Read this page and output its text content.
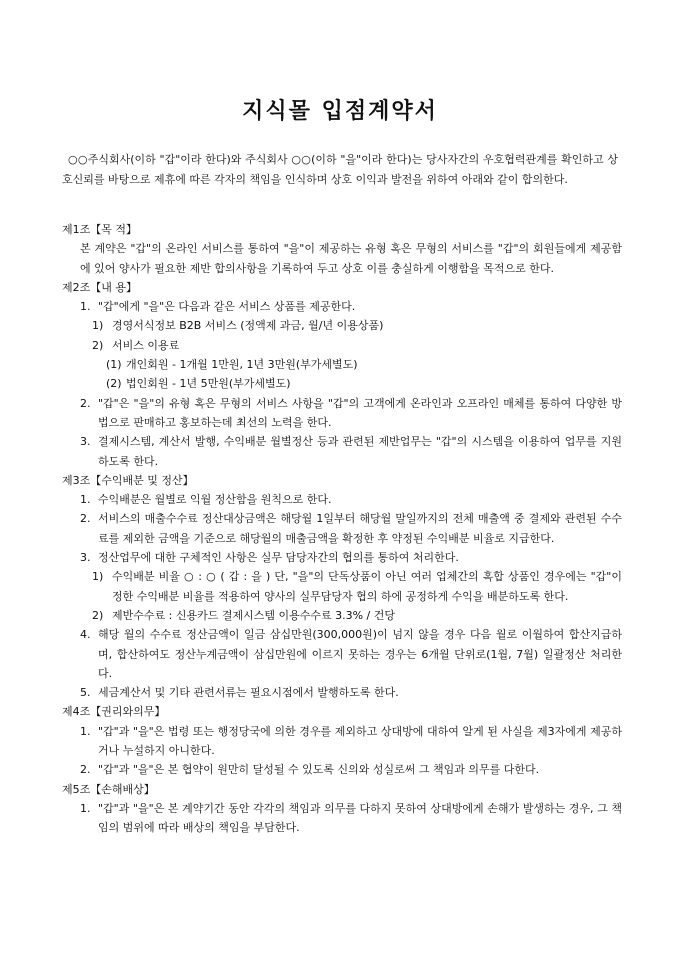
지식몰 입점계약서
○○주식회사(이하 "갑"이라 한다)와 주식회사 ○○(이하 "을"이라 한다)는 당사자간의 우호협력관계를 확인하고 상호신뢰를 바탕으로 제휴에 따른 각자의 책임을 인식하며 상호 이익과 발전을 위하여 아래와 같이 합의한다.
제1조【목 적】
본 계약은 "갑"의 온라인 서비스를 통하여 "을"이 제공하는 유형 혹은 무형의 서비스를 "갑"의 회원들에게 제공함에 있어 양사가 필요한 제반 합의사항을 기록하여 두고 상호 이를 충실하게 이행함을 목적으로 한다.
제2조【내 용】
1. "갑"에게 "을"은 다음과 같은 서비스 상품를 제공한다.
1) 경영서식정보 B2B 서비스 (정액제 과금, 월/년 이용상품)
2) 서비스 이용료
(1) 개인회원 - 1개월 1만원, 1년 3만원(부가세별도)
(2) 법인회원 - 1년 5만원(부가세별도)
2. "갑"은 "을"의 유형 혹은 무형의 서비스 사항을 "갑"의 고객에게 온라인과 오프라인 매체를 통하여 다양한 방법으로 판매하고 홍보하는데 최선의 노력을 한다.
3. 결제시스템, 계산서 발행, 수익배분 월별정산 등과 관련된 제반업무는 "갑"의 시스템을 이용하여 업무를 지원하도록 한다.
제3조【수익배분 및 정산】
1. 수익배분은 월별로 익월 정산함을 원칙으로 한다.
2. 서비스의 매출수수료 정산대상금액은 해당월 1일부터 해당월 말일까지의 전체 매출액 중 결제와 관련된 수수료를 제외한 금액을 기준으로 해당월의 매출금액을 확정한 후 약정된 수익배분 비율로 지급한다.
3. 정산업무에 대한 구체적인 사항은 실무 담당자간의 협의를 통하여 처리한다.
1) 수익배분 비율 ○ : ○ ( 갑 : 을 ) 단, "을"의 단독상품이 아닌 여러 업체간의 혹합 상품인 경우에는 "갑"이 정한 수익배분 비율를 적용하여 양사의 실무담당자 협의 하에 공정하게 수익을 배분하도록 한다.
2) 제반수수료 : 신용카드 결제시스템 이용수수료 3.3% / 건당
4. 해당 월의 수수료 정산금액이 일금 삼십만원(300,000원)이 넘지 않을 경우 다음 월로 이월하여 합산지급하며, 합산하여도 정산누계금액이 삼십만원에 이르지 못하는 경우는 6개월 단위로(1월, 7월) 일괄정산 처리한다.
5. 세금계산서 및 기타 관련서류는 필요시점에서 발행하도록 한다.
제4조【권리와의무】
1. "갑"과 "을"은 법령 또는 행정당국에 의한 경우를 제외하고 상대방에 대하여 알게 된 사실을 제3자에게 제공하거나 누설하지 아니한다.
2. "갑"과 "을"은 본 협약이 원만히 달성될 수 있도록 신의와 성실로써 그 책임과 의무를 다한다.
제5조【손해배상】
1. "갑"과 "을"은 본 계약기간 동안 각각의 책임과 의무를 다하지 못하여 상대방에게 손해가 발생하는 경우, 그 책임의 범위에 따라 배상의 책임을 부담한다.
